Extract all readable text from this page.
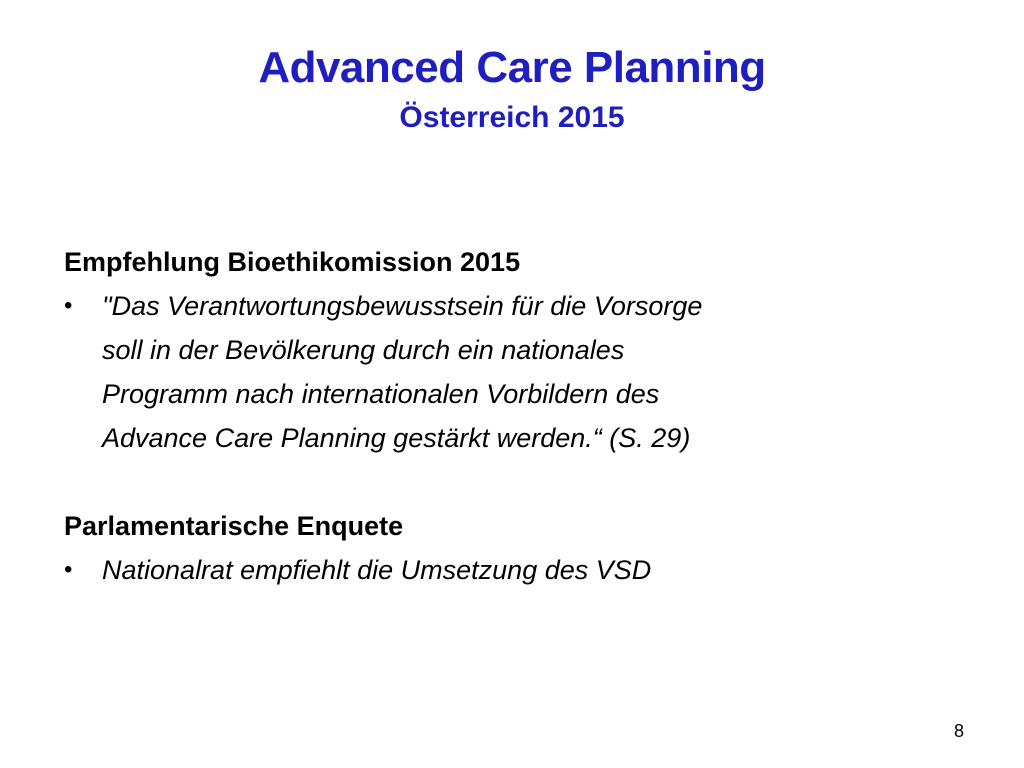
Advanced Care Planning
Österreich 2015
Empfehlung Bioethikomission 2015
• "Das Verantwortungsbewusstsein für die Vorsorge
soll in der Bevölkerung durch ein nationales
Programm nach internationalen Vorbildern des
Advance Care Planning gestärkt werden.“ (S. 29)
Parlamentarische Enquete
• Nationalrat empfiehlt die Umsetzung des VSD
8
